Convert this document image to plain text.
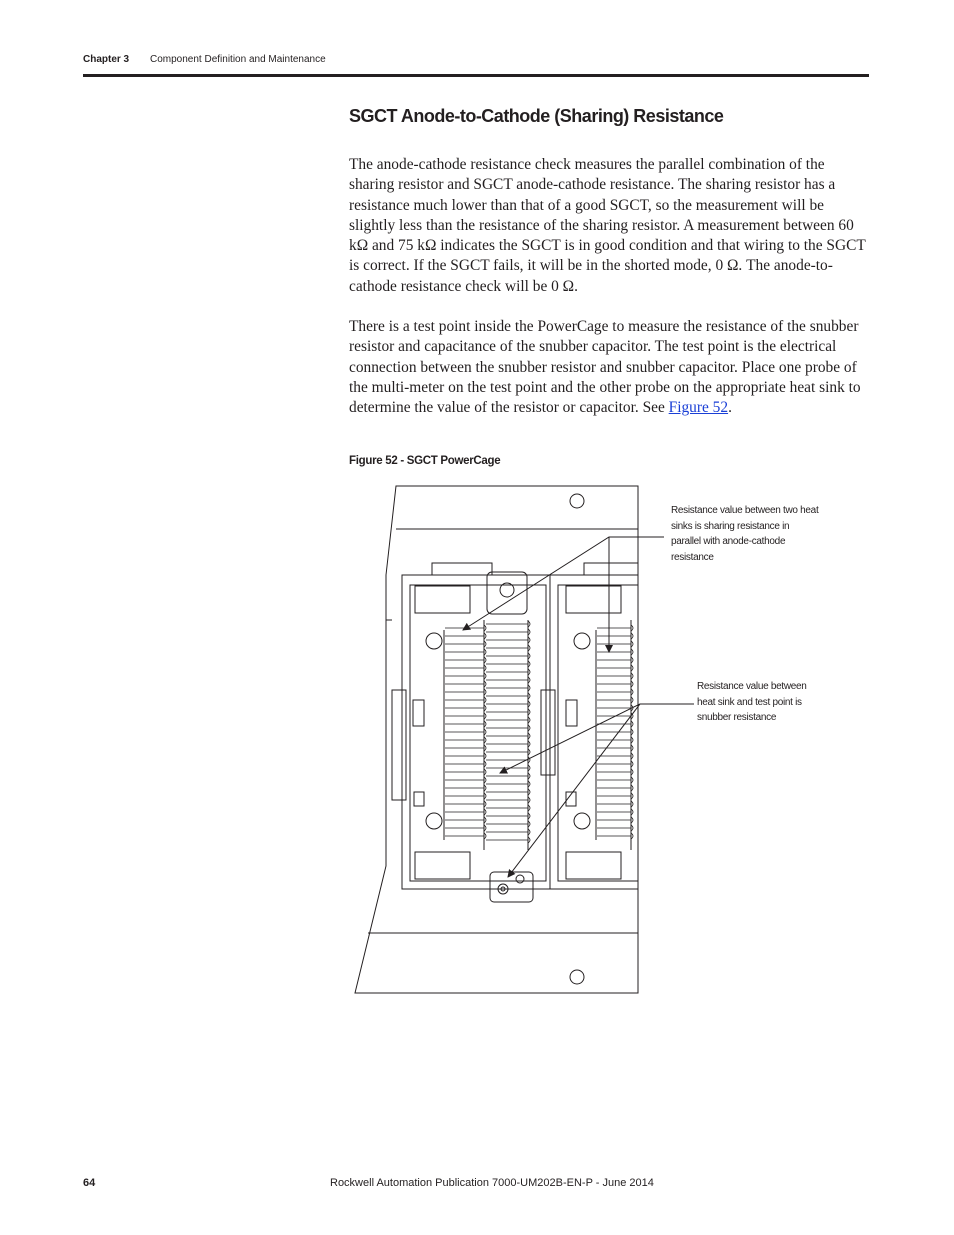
Chapter 3 Component Definition and Maintenance
SGCT Anode-to-Cathode (Sharing) Resistance

The anode-cathode resistance check measures the parallel combination of the sharing resistor and SGCT anode-cathode resistance. The sharing resistor has a resistance much lower than that of a good SGCT, so the measurement will be slightly less than the resistance of the sharing resistor. A measurement between 60 kΩ and 75 kΩ indicates the SGCT is in good condition and that wiring to the SGCT is correct. If the SGCT fails, it will be in the shorted mode, 0 Ω. The anode-to-cathode resistance check will be 0 Ω.

There is a test point inside the PowerCage to measure the resistance of the snubber resistor and capacitance of the snubber capacitor. The test point is the electrical connection between the snubber resistor and snubber capacitor. Place one probe of the multi-meter on the test point and the other probe on the appropriate heat sink to determine the value of the resistor or capacitor. See Figure 52.

Figure 52 - SGCT PowerCage

Resistance value between two heat sinks is sharing resistance in parallel with anode-cathode resistance

Resistance value between heat sink and test point is snubber resistance

64	Rockwell Automation Publication 7000-UM202B-EN-P - June 2014
